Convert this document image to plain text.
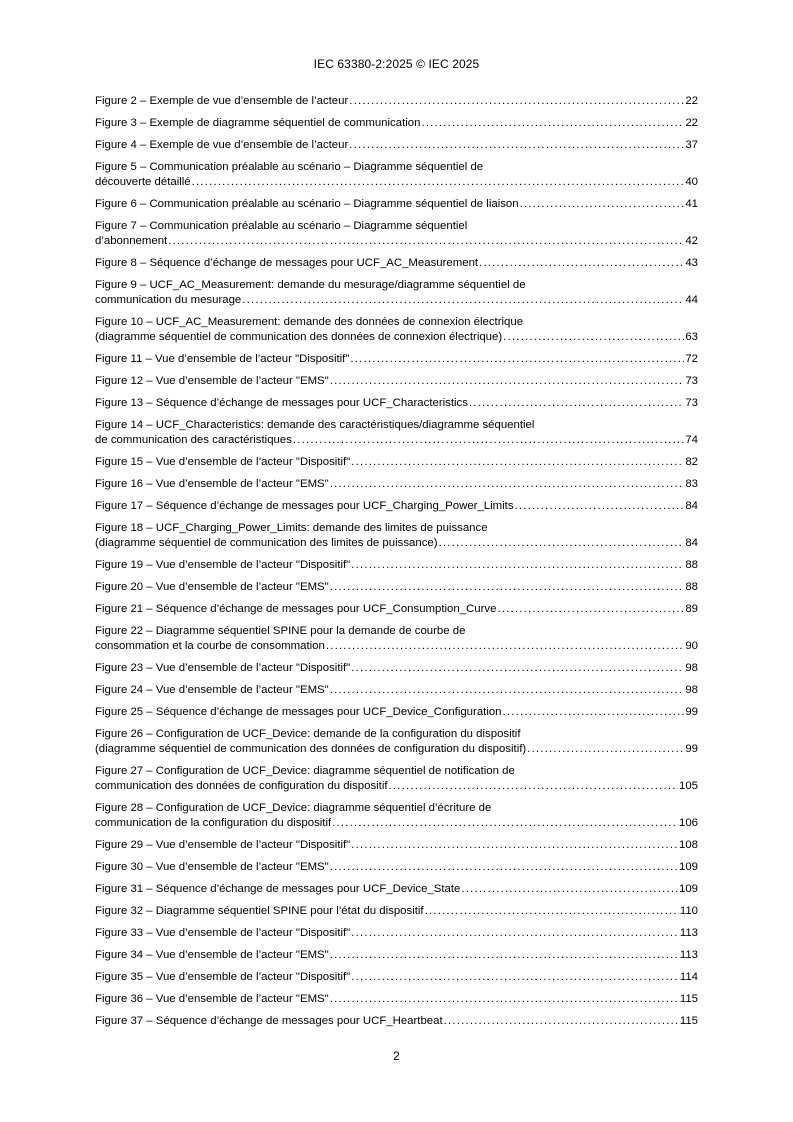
IEC 63380-2:2025 © IEC 2025
Figure 2 – Exemple de vue d’ensemble de l’acteur .....	22
Figure 3 – Exemple de diagramme séquentiel de communication .....	22
Figure 4 – Exemple de vue d’ensemble de l’acteur .....	37
Figure 5 – Communication préalable au scénario – Diagramme séquentiel de
découverte détaillé .....	40
Figure 6 – Communication préalable au scénario – Diagramme séquentiel de liaison .....	41
Figure 7 – Communication préalable au scénario – Diagramme séquentiel
d’abonnement .....	42
Figure 8 – Séquence d’échange de messages pour UCF_AC_Measurement .....	43
Figure 9 – UCF_AC_Measurement: demande du mesurage/diagramme séquentiel de
communication du mesurage .....	44
Figure 10 – UCF_AC_Measurement: demande des données de connexion électrique
(diagramme séquentiel de communication des données de connexion électrique) .....	63
Figure 11 – Vue d’ensemble de l’acteur "Dispositif" .....	72
Figure 12 – Vue d’ensemble de l’acteur "EMS" .....	73
Figure 13 – Séquence d’échange de messages pour UCF_Characteristics .....	73
Figure 14 – UCF_Characteristics: demande des caractéristiques/diagramme séquentiel
de communication des caractéristiques .....	74
Figure 15 – Vue d’ensemble de l’acteur "Dispositif" .....	82
Figure 16 – Vue d’ensemble de l’acteur "EMS" .....	83
Figure 17 – Séquence d’échange de messages pour UCF_Charging_Power_Limits .....	84
Figure 18 – UCF_Charging_Power_Limits: demande des limites de puissance
(diagramme séquentiel de communication des limites de puissance) .....	84
Figure 19 – Vue d’ensemble de l’acteur "Dispositif" .....	88
Figure 20 – Vue d’ensemble de l’acteur "EMS" .....	88
Figure 21 – Séquence d’échange de messages pour UCF_Consumption_Curve .....	89
Figure 22 – Diagramme séquentiel SPINE pour la demande de courbe de
consommation et la courbe de consommation .....	90
Figure 23 – Vue d’ensemble de l’acteur "Dispositif" .....	98
Figure 24 – Vue d’ensemble de l’acteur "EMS" .....	98
Figure 25 – Séquence d’échange de messages pour UCF_Device_Configuration .....	99
Figure 26 – Configuration de UCF_Device: demande de la configuration du dispositif
(diagramme séquentiel de communication des données de configuration du dispositif) .....	99
Figure 27 – Configuration de UCF_Device: diagramme séquentiel de notification de
communication des données de configuration du dispositif .....	105
Figure 28 – Configuration de UCF_Device: diagramme séquentiel d’écriture de
communication de la configuration du dispositif .....	106
Figure 29 – Vue d’ensemble de l’acteur "Dispositif" .....	108
Figure 30 – Vue d’ensemble de l’acteur "EMS" .....	109
Figure 31 – Séquence d’échange de messages pour UCF_Device_State .....	109
Figure 32 – Diagramme séquentiel SPINE pour l’état du dispositif .....	110
Figure 33 – Vue d’ensemble de l’acteur "Dispositif" .....	113
Figure 34 – Vue d’ensemble de l’acteur "EMS" .....	113
Figure 35 – Vue d’ensemble de l’acteur "Dispositif" .....	114
Figure 36 – Vue d’ensemble de l’acteur "EMS" .....	115
Figure 37 – Séquence d’échange de messages pour UCF_Heartbeat .....	115
2
